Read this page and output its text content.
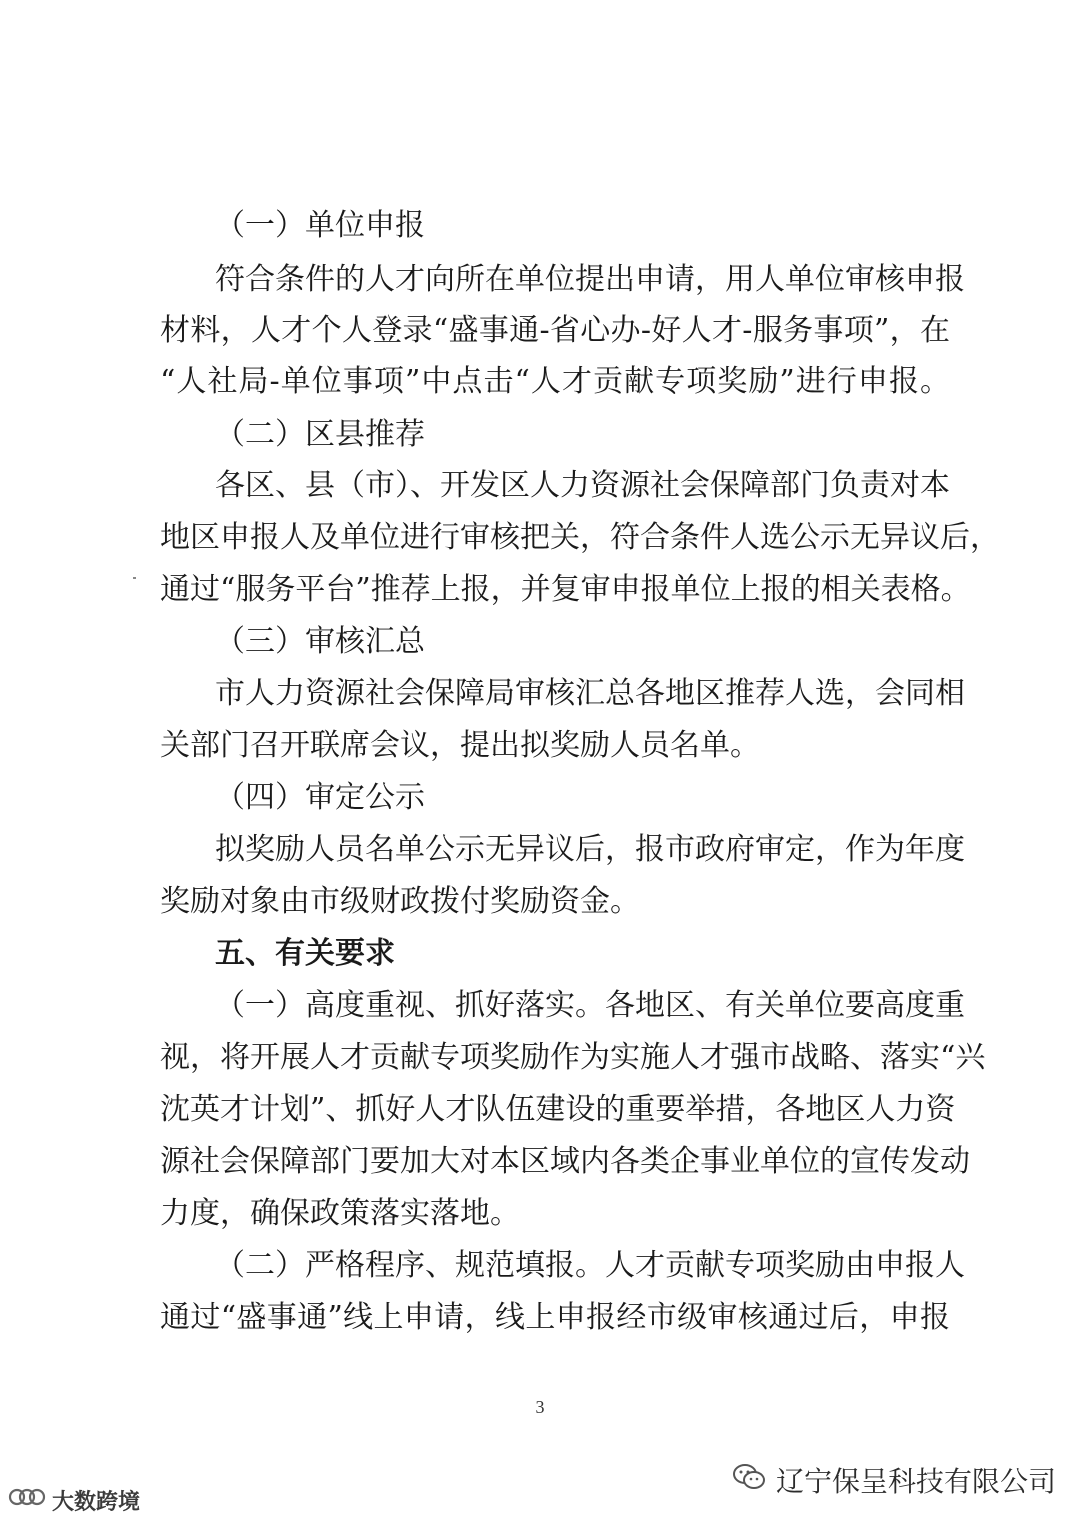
（一）单位申报
符合条件的人才向所在单位提出申请，用人单位审核申报
材料，人才个人登录“盛事通-省心办-好人才-服务事项”，在
“人社局-单位事项”中点击“人才贡献专项奖励”进行申报。
（二）区县推荐
各区、县（市）、开发区人力资源社会保障部门负责对本
地区申报人及单位进行审核把关，符合条件人选公示无异议后，
通过“服务平台”推荐上报，并复审申报单位上报的相关表格。
（三）审核汇总
市人力资源社会保障局审核汇总各地区推荐人选，会同相
关部门召开联席会议，提出拟奖励人员名单。
（四）审定公示
拟奖励人员名单公示无异议后，报市政府审定，作为年度
奖励对象由市级财政拨付奖励资金。
五、有关要求
（一）高度重视、抓好落实。各地区、有关单位要高度重
视，将开展人才贡献专项奖励作为实施人才强市战略、落实“兴
沈英才计划”、抓好人才队伍建设的重要举措，各地区人力资
源社会保障部门要加大对本区域内各类企事业单位的宣传发动
力度，确保政策落实落地。
（二）严格程序、规范填报。人才贡献专项奖励由申报人
通过“盛事通”线上申请，线上申报经市级审核通过后，申报
3
辽宁保呈科技有限公司
大数跨境
